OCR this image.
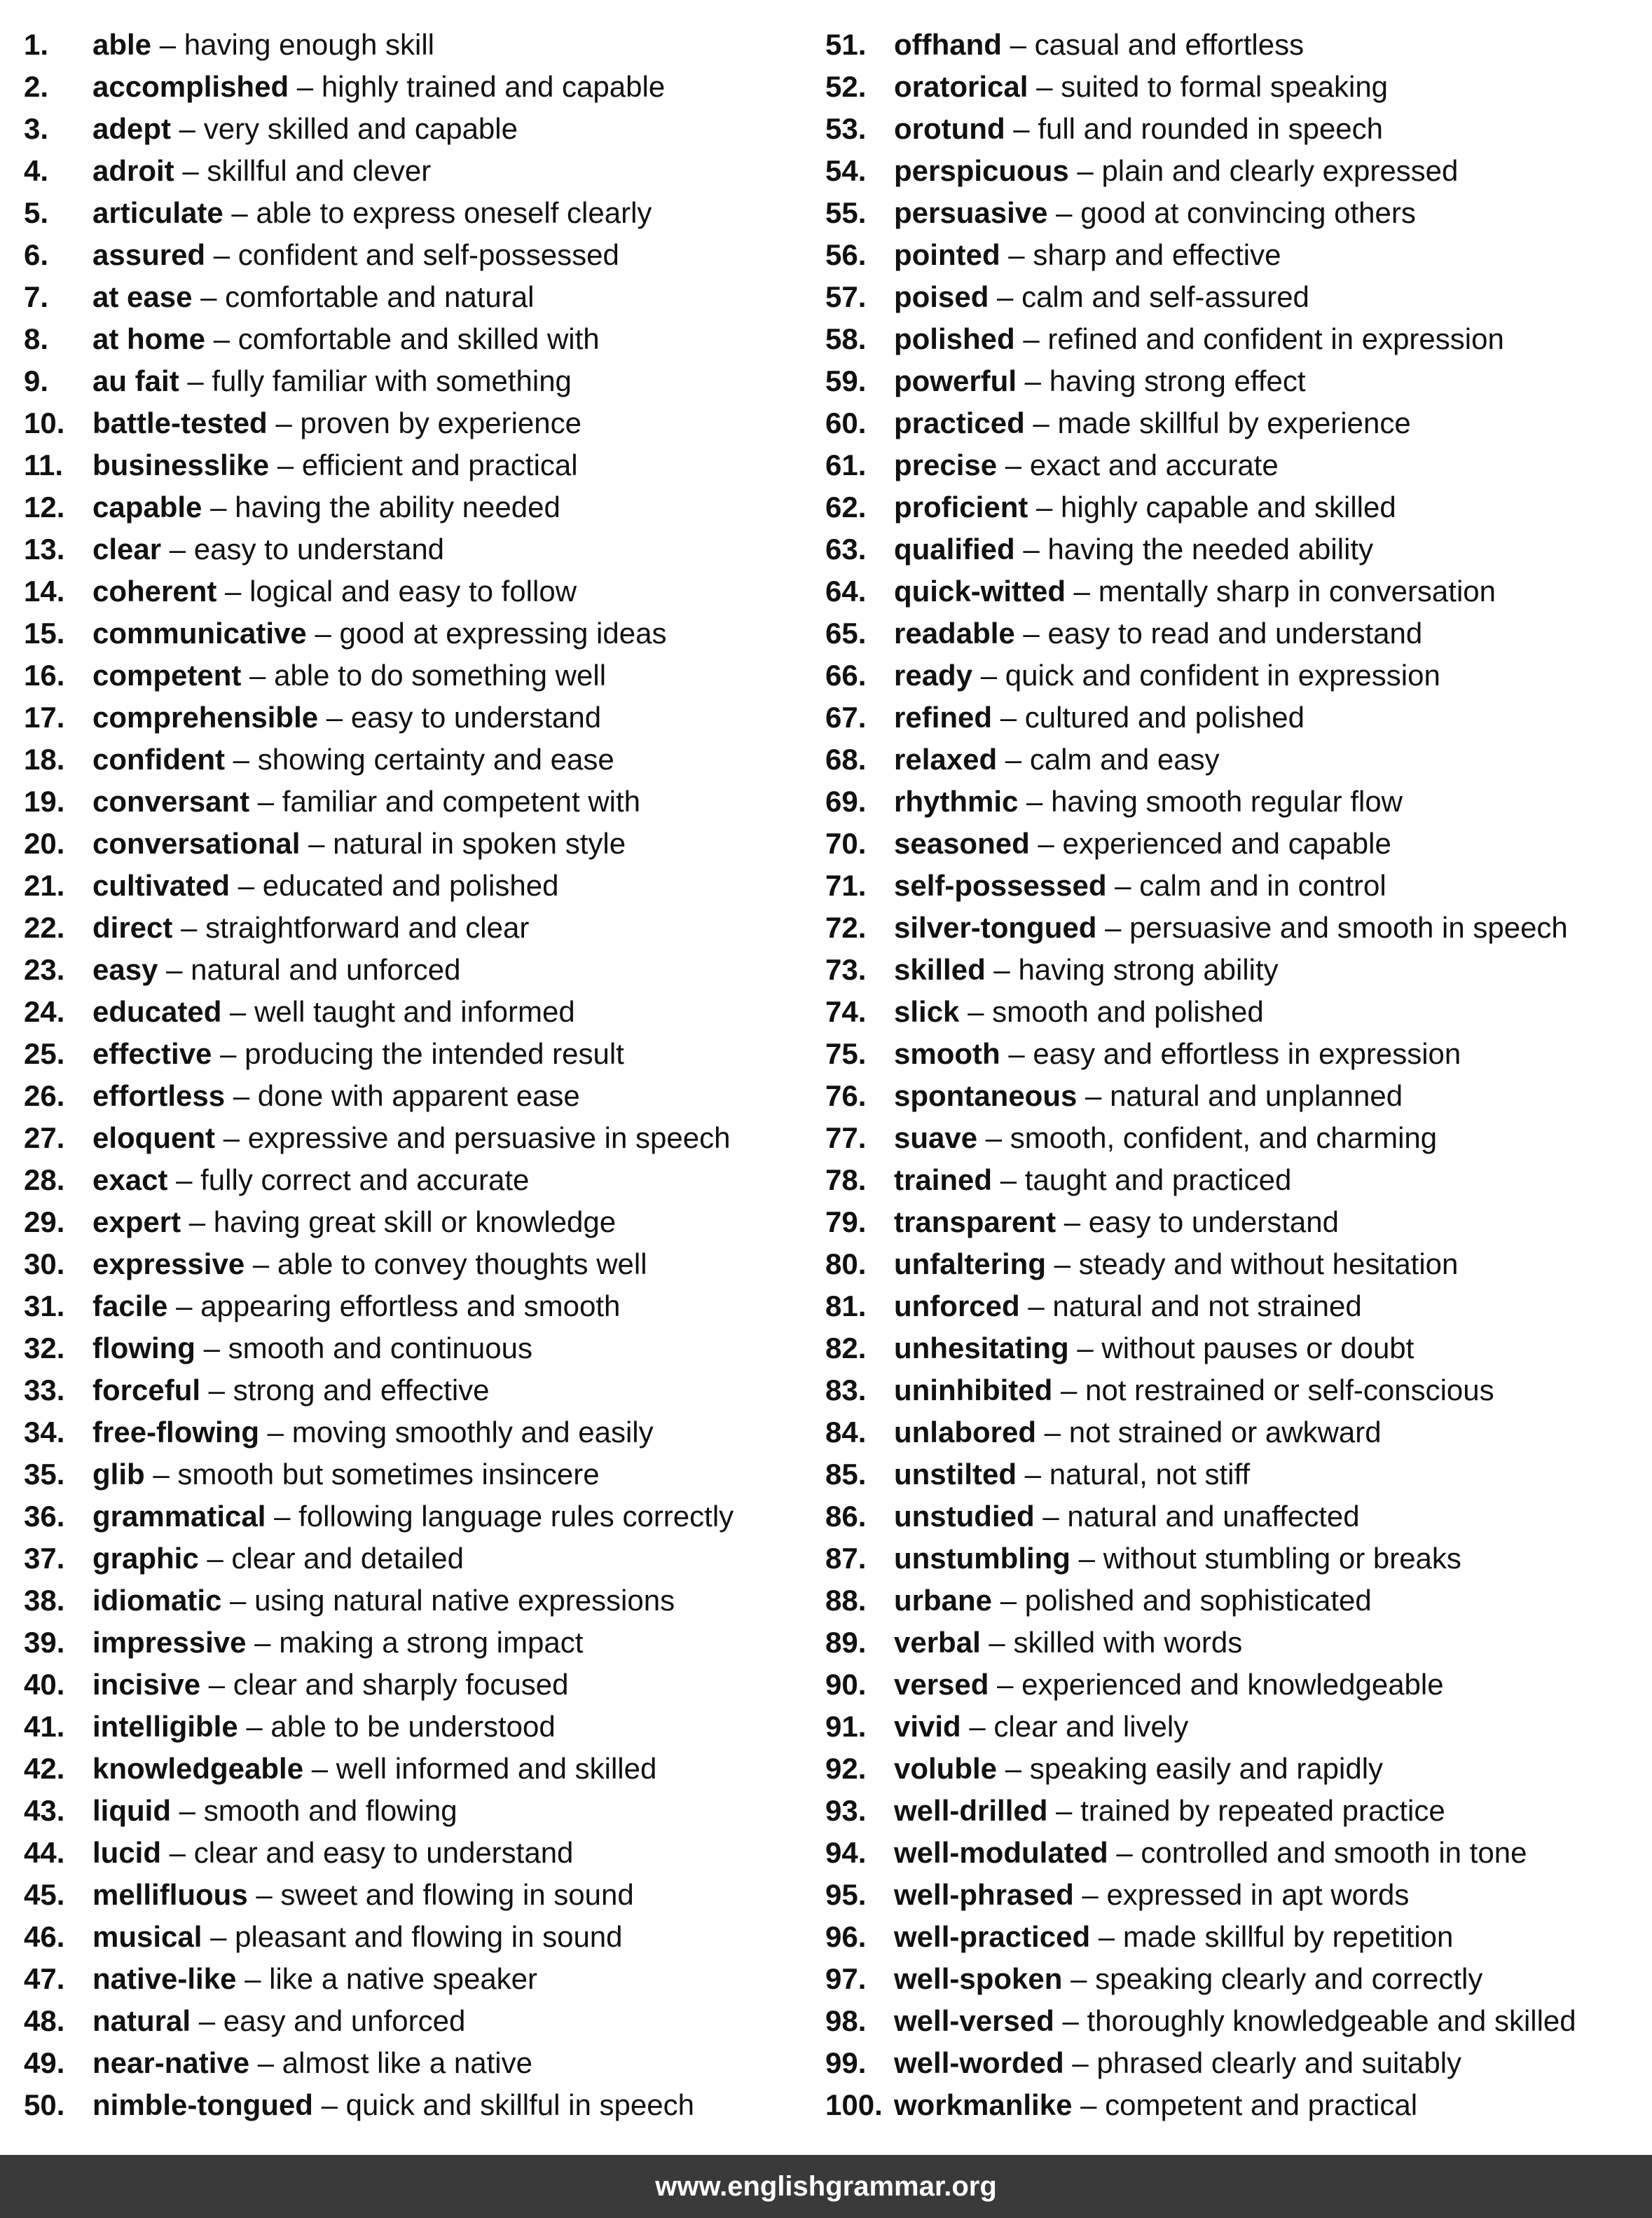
1. able – having enough skill
2. accomplished – highly trained and capable
3. adept – very skilled and capable
4. adroit – skillful and clever
5. articulate – able to express oneself clearly
6. assured – confident and self-possessed
7. at ease – comfortable and natural
8. at home – comfortable and skilled with
9. au fait – fully familiar with something
10. battle-tested – proven by experience
11. businesslike – efficient and practical
12. capable – having the ability needed
13. clear – easy to understand
14. coherent – logical and easy to follow
15. communicative – good at expressing ideas
16. competent – able to do something well
17. comprehensible – easy to understand
18. confident – showing certainty and ease
19. conversant – familiar and competent with
20. conversational – natural in spoken style
21. cultivated – educated and polished
22. direct – straightforward and clear
23. easy – natural and unforced
24. educated – well taught and informed
25. effective – producing the intended result
26. effortless – done with apparent ease
27. eloquent – expressive and persuasive in speech
28. exact – fully correct and accurate
29. expert – having great skill or knowledge
30. expressive – able to convey thoughts well
31. facile – appearing effortless and smooth
32. flowing – smooth and continuous
33. forceful – strong and effective
34. free-flowing – moving smoothly and easily
35. glib – smooth but sometimes insincere
36. grammatical – following language rules correctly
37. graphic – clear and detailed
38. idiomatic – using natural native expressions
39. impressive – making a strong impact
40. incisive – clear and sharply focused
41. intelligible – able to be understood
42. knowledgeable – well informed and skilled
43. liquid – smooth and flowing
44. lucid – clear and easy to understand
45. mellifluous – sweet and flowing in sound
46. musical – pleasant and flowing in sound
47. native-like – like a native speaker
48. natural – easy and unforced
49. near-native – almost like a native
50. nimble-tongued – quick and skillful in speech
51. offhand – casual and effortless
52. oratorical – suited to formal speaking
53. orotund – full and rounded in speech
54. perspicuous – plain and clearly expressed
55. persuasive – good at convincing others
56. pointed – sharp and effective
57. poised – calm and self-assured
58. polished – refined and confident in expression
59. powerful – having strong effect
60. practiced – made skillful by experience
61. precise – exact and accurate
62. proficient – highly capable and skilled
63. qualified – having the needed ability
64. quick-witted – mentally sharp in conversation
65. readable – easy to read and understand
66. ready – quick and confident in expression
67. refined – cultured and polished
68. relaxed – calm and easy
69. rhythmic – having smooth regular flow
70. seasoned – experienced and capable
71. self-possessed – calm and in control
72. silver-tongued – persuasive and smooth in speech
73. skilled – having strong ability
74. slick – smooth and polished
75. smooth – easy and effortless in expression
76. spontaneous – natural and unplanned
77. suave – smooth, confident, and charming
78. trained – taught and practiced
79. transparent – easy to understand
80. unfaltering – steady and without hesitation
81. unforced – natural and not strained
82. unhesitating – without pauses or doubt
83. uninhibited – not restrained or self-conscious
84. unlabored – not strained or awkward
85. unstilted – natural, not stiff
86. unstudied – natural and unaffected
87. unstumbling – without stumbling or breaks
88. urbane – polished and sophisticated
89. verbal – skilled with words
90. versed – experienced and knowledgeable
91. vivid – clear and lively
92. voluble – speaking easily and rapidly
93. well-drilled – trained by repeated practice
94. well-modulated – controlled and smooth in tone
95. well-phrased – expressed in apt words
96. well-practiced – made skillful by repetition
97. well-spoken – speaking clearly and correctly
98. well-versed – thoroughly knowledgeable and skilled
99. well-worded – phrased clearly and suitably
100. workmanlike – competent and practical
www.englishgrammar.org
